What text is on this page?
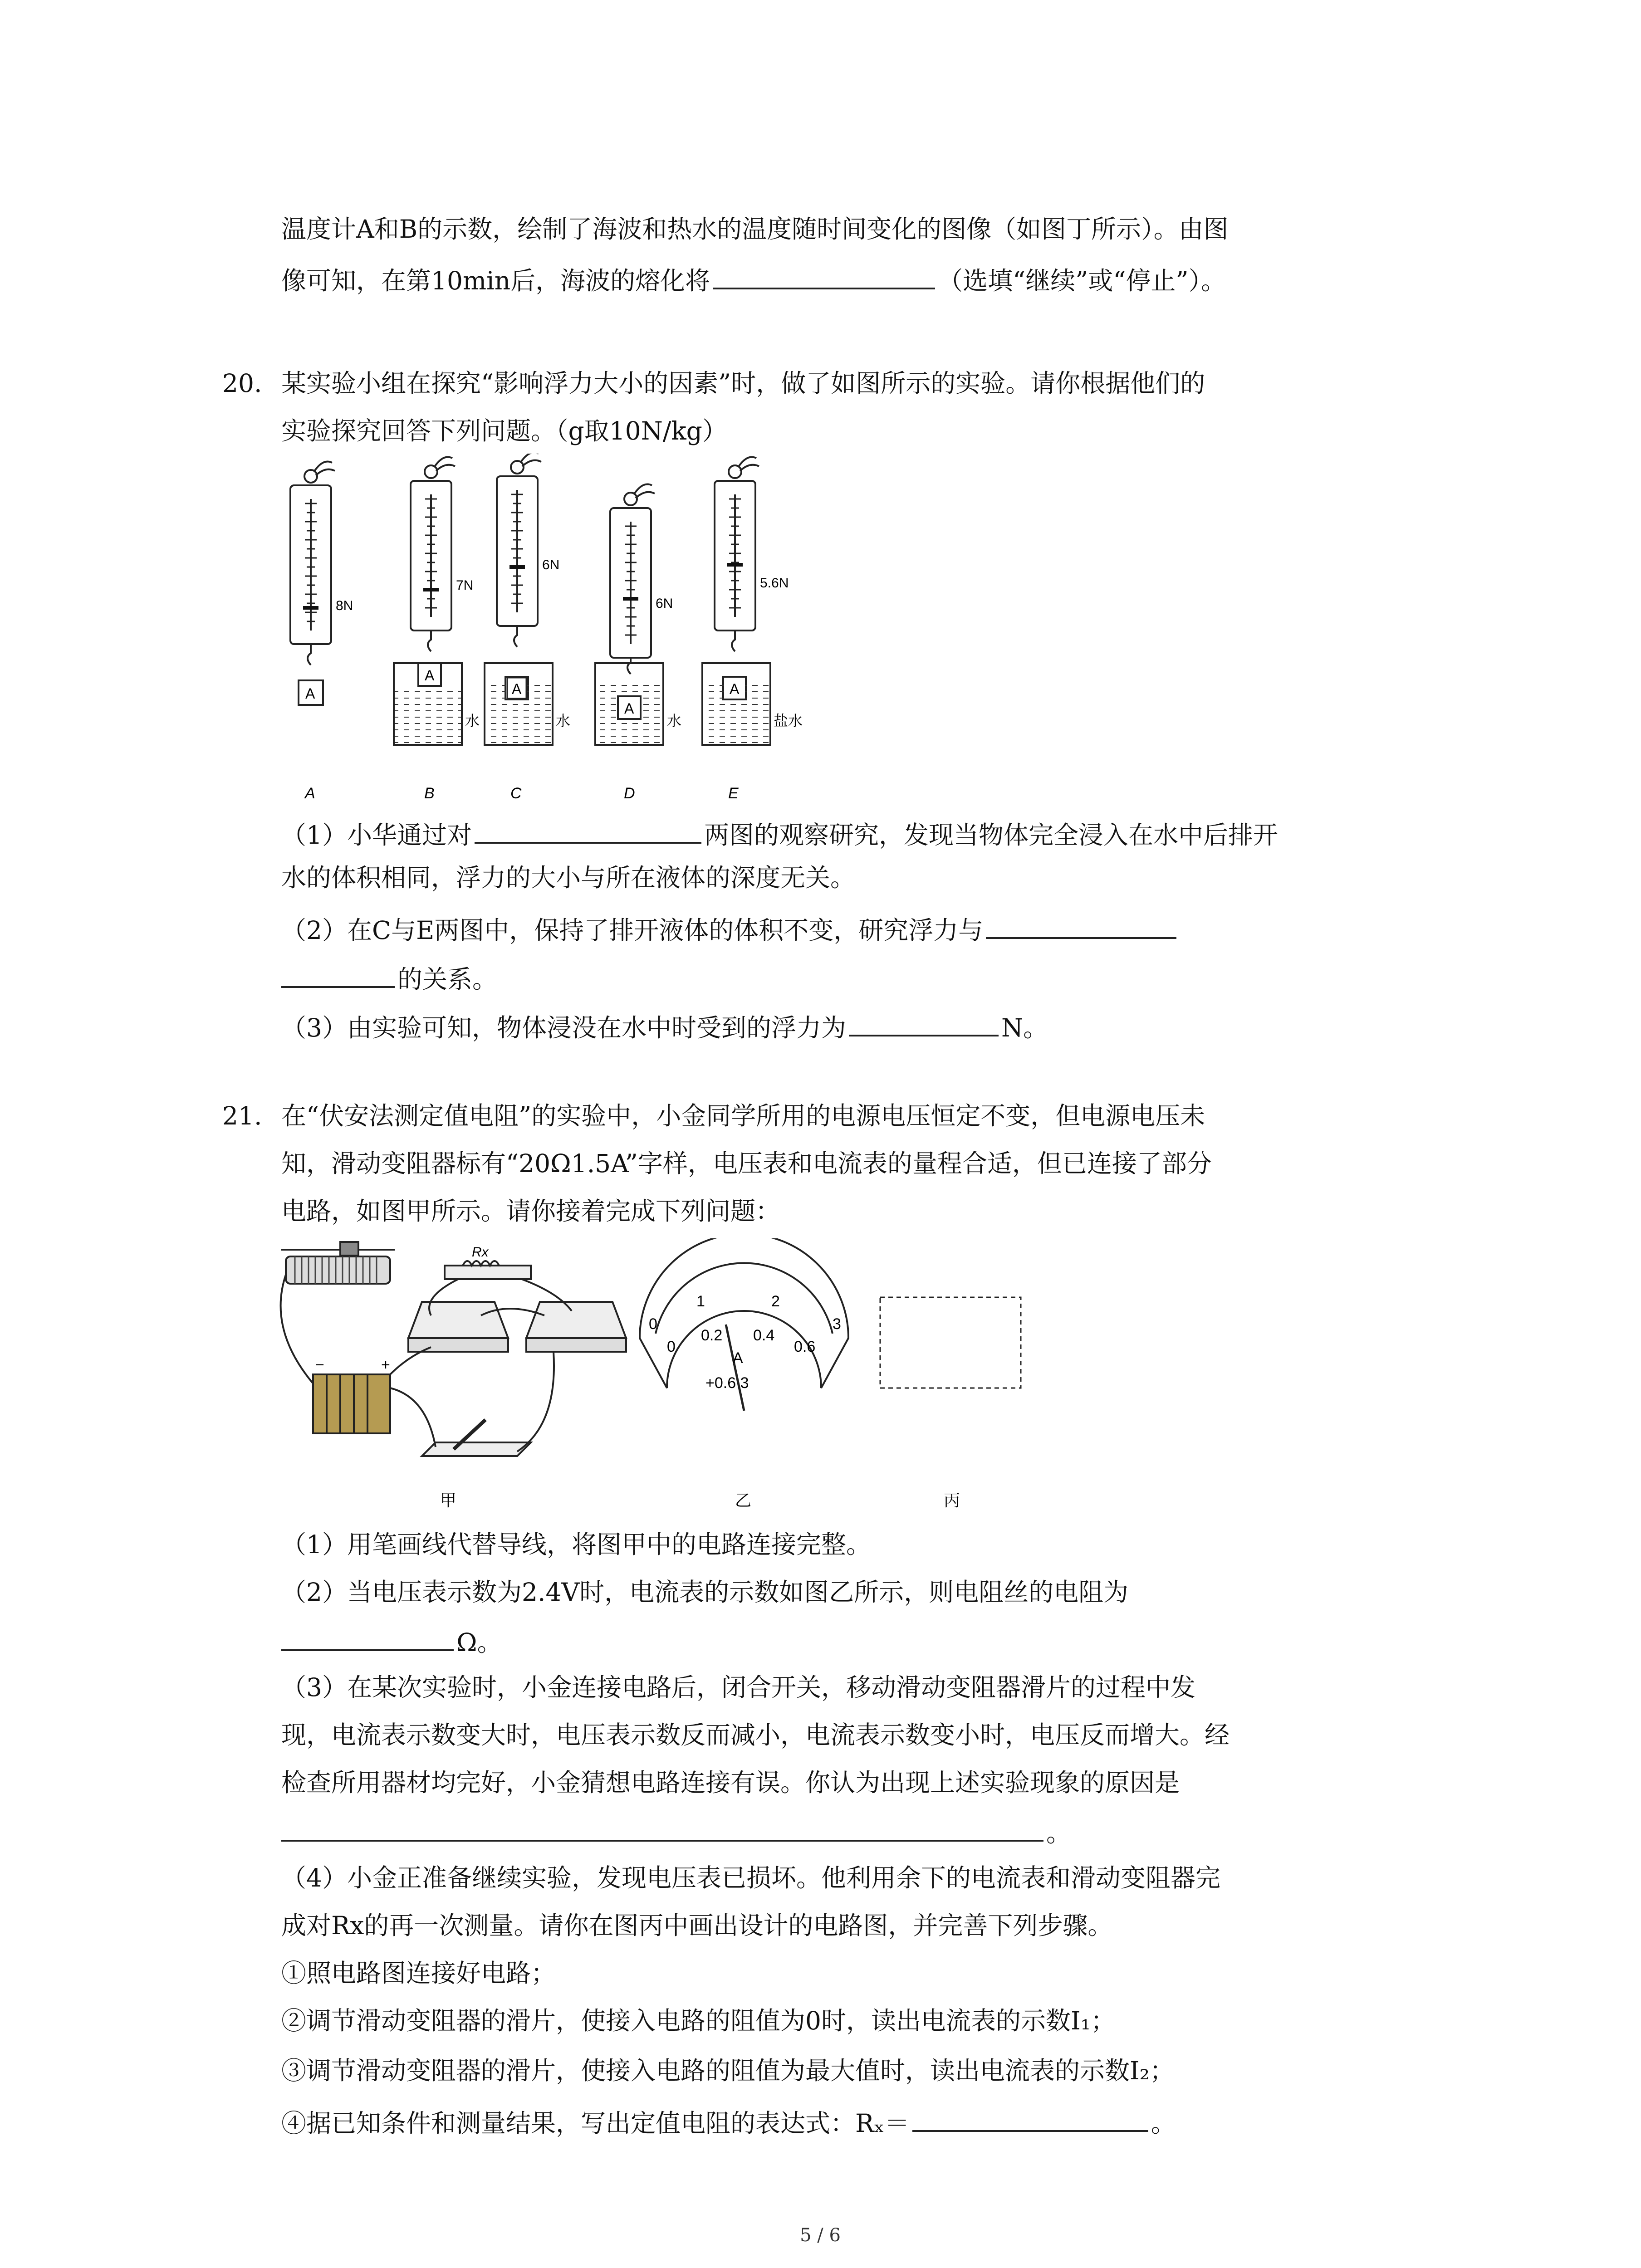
温度计A和B的示数，绘制了海波和热水的温度随时间变化的图像（如图丁所示）。由图
像可知，在第10min后，海波的熔化将	（选填“继续”或“停止”）。
20. 某实验小组在探究“影响浮力大小的因素”时，做了如图所示的实验。请你根据他们的
实验探究回答下列问题。（g取10N/kg）
8N
7N
6N
6N
5.6N
A
A
A
A
A
水	水	水	盐水
A	B	C	D	E
（1）小华通过对	两图的观察研究，发现当物体完全浸入在水中后排开
水的体积相同，浮力的大小与所在液体的深度无关。
（2）在C与E两图中，保持了排开液体的体积不变，研究浮力与
的关系。
（3）由实验可知，物体浸没在水中时受到的浮力为	N。
21. 在“伏安法测定值电阻”的实验中，小金同学所用的电源电压恒定不变，但电源电压未
知，滑动变阻器标有“20Ω1.5A”字样，电压表和电流表的量程合适，但已连接了部分
电路，如图甲所示。请你接着完成下列问题：
Rx
−	+
0
1	2
3
0
0.2 0.4
0.6
A
+0.6 3
甲	乙	丙
（1）用笔画线代替导线，将图甲中的电路连接完整。
（2）当电压表示数为2.4V时，电流表的示数如图乙所示，则电阻丝的电阻为
Ω。
（3）在某次实验时，小金连接电路后，闭合开关，移动滑动变阻器滑片的过程中发
现，电流表示数变大时，电压表示数反而减小，电流表示数变小时，电压反而增大。经
检查所用器材均完好，小金猜想电路连接有误。你认为出现上述实验现象的原因是
。
（4）小金正准备继续实验，发现电压表已损坏。他利用余下的电流表和滑动变阻器完
成对Rx的再一次测量。请你在图丙中画出设计的电路图，并完善下列步骤。
①照电路图连接好电路；
②调节滑动变阻器的滑片，使接入电路的阻值为0时，读出电流表的示数I₁；
③调节滑动变阻器的滑片，使接入电路的阻值为最大值时，读出电流表的示数I₂；
④据已知条件和测量结果，写出定值电阻的表达式：Rₓ＝	。
5 / 6
